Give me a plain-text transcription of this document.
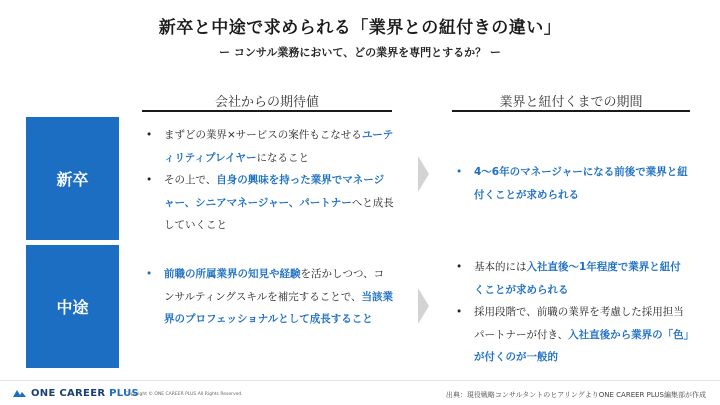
新卒と中途で求められる「業界との紐付きの違い」
ー コンサル業務において、どの業界を専門とするか？ ー
会社からの期待値	業界と紐付くまでの期間
新卒
中途
• まずどの業界×サービスの案件もこなせるユーティリティプレイヤーになること
• その上で、自身の興味を持った業界でマネージャー、シニアマネージャー、パートナーへと成長していくこと
• 前職の所属業界の知見や経験を活かしつつ、コンサルティングスキルを補完することで、当該業界のプロフェッショナルとして成長すること
• 4～6年のマネージャーになる前後で業界と紐付くことが求められる
• 基本的には入社直後～1年程度で業界と紐付くことが求められる
• 採用段階で、前職の業界を考慮した採用担当パートナーが付き、入社直後から業界の「色」が付くのが一般的
ONE CAREER PLUS
Copyright © ONE CAREER PLUS All Rights Reserved.	出典：現役戦略コンサルタントのヒアリングよりONE CAREER PLUS編集部が作成
